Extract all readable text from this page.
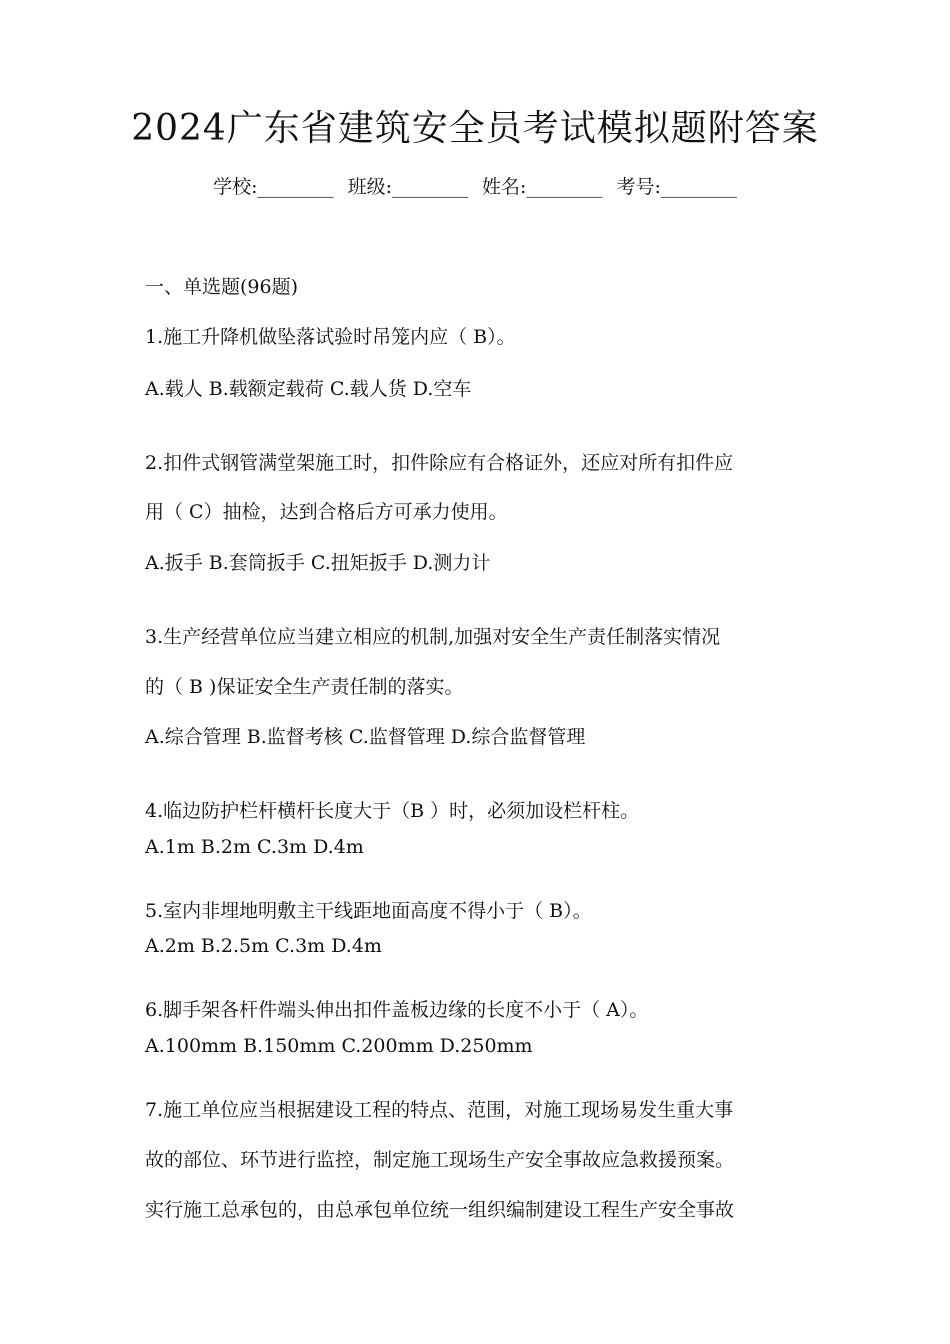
2024广东省建筑安全员考试模拟题附答案
学校:________ 班级:________ 姓名:________ 考号:________
一、单选题(96题)
1.施工升降机做坠落试验时吊笼内应（ B）。
A.载人 B.载额定载荷 C.载人货 D.空车
2.扣件式钢管满堂架施工时，扣件除应有合格证外，还应对所有扣件应
用（ C）抽检，达到合格后方可承力使用。
A.扳手 B.套筒扳手 C.扭矩扳手 D.测力计
3.生产经营单位应当建立相应的机制,加强对安全生产责任制落实情况
的（ B )保证安全生产责任制的落实。
A.综合管理 B.监督考核 C.监督管理 D.综合监督管理
4.临边防护栏杆横杆长度大于（B ）时，必须加设栏杆柱。
A.1m B.2m C.3m D.4m
5.室内非埋地明敷主干线距地面高度不得小于（ B）。
A.2m B.2.5m C.3m D.4m
6.脚手架各杆件端头伸出扣件盖板边缘的长度不小于（ A）。
A.100mm B.150mm C.200mm D.250mm
7.施工单位应当根据建设工程的特点、范围，对施工现场易发生重大事
故的部位、环节进行监控，制定施工现场生产安全事故应急救援预案。
实行施工总承包的，由总承包单位统一组织编制建设工程生产安全事故
